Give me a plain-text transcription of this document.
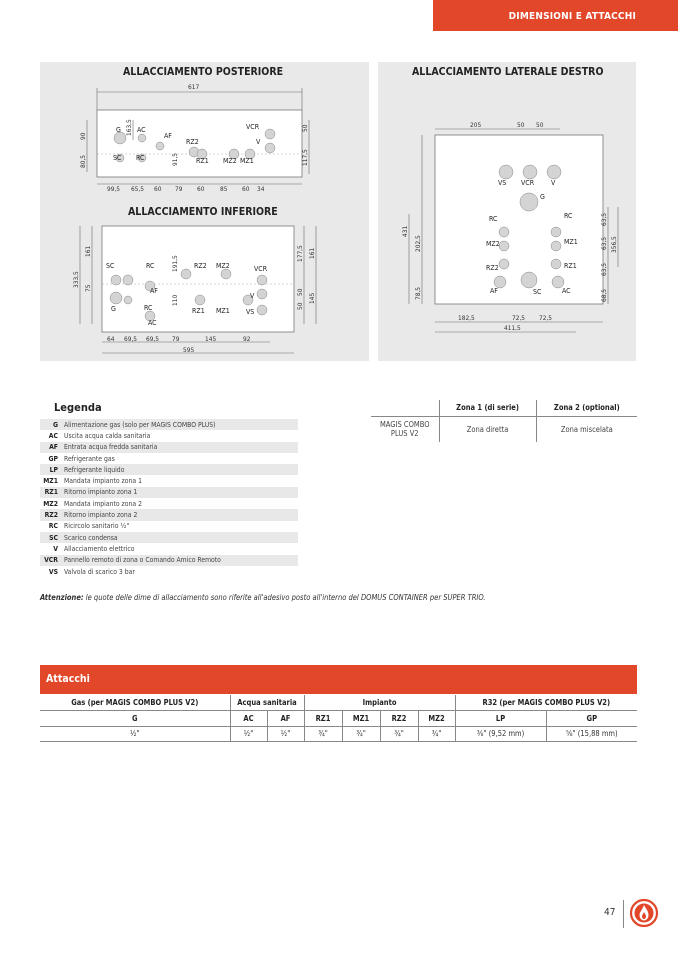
DIMENSIONI E ATTACCHI
ALLACCIAMENTO POSTERIORE
ALLACCIAMENTO INFERIORE
617
90
80,5
163,5
91,5
50
117,5
G AC
AF
SC RC
RZ2
RZ1 MZ2 MZ1
VCR
V
99,5 65,5 60 79 60 85 60 34
161
333,5
75
191,5
110
177,5 161
50
50
145
SC	RC	RZ2 MZ2	VCR
AF
G	RC
AC
RZ1 MZ1
V
VS
64 69,5 69,5 79	145	92
595
ALLACCIAMENTO LATERALE DESTRO
205	50 50
431
202,5
78,5
63,5
63,5
63,5
356,5
68,5
VS VCR V
G
RC	RC
MZ2	MZ1
RZ2	RZ1
AF	SC	AC
182,5	72,5 72,5
411,5
Legenda
G Alimentazione gas (solo per MAGIS COMBO PLUS)
AC Uscita acqua calda sanitaria
AF Entrata acqua fredda sanitaria
GP Refrigerante gas
LP Refrigerante liquido
MZ1 Mandata impianto zona 1
RZ1 Ritorno impianto zona 1
MZ2 Mandata impianto zona 2
RZ2 Ritorno impianto zona 2
RC Ricircolo sanitario ½"
SC Scarico condensa
V Allacciamento elettrico
VCR Pannello remoto di zona o Comando Amico Remoto
VS Valvola di scarico 3 bar
	Zona 1 (di serie)	Zona 2 (optional)
MAGIS COMBO PLUS V2	Zona diretta	Zona miscelata
Attenzione: le quote delle dime di allacciamento sono riferite all'adesivo posto all'interno del DOMUS CONTAINER per SUPER TRIO.
Attacchi
Gas (per MAGIS COMBO PLUS V2)	Acqua sanitaria		Impianto				R32 (per MAGIS COMBO PLUS V2)	
G	AC	AF	RZ1	MZ1	RZ2	MZ2	LP	GP
½"	½"	½"	¾"	¾"	¾"	¾"	⅜" (9,52 mm)	⅝" (15,88 mm)
47
